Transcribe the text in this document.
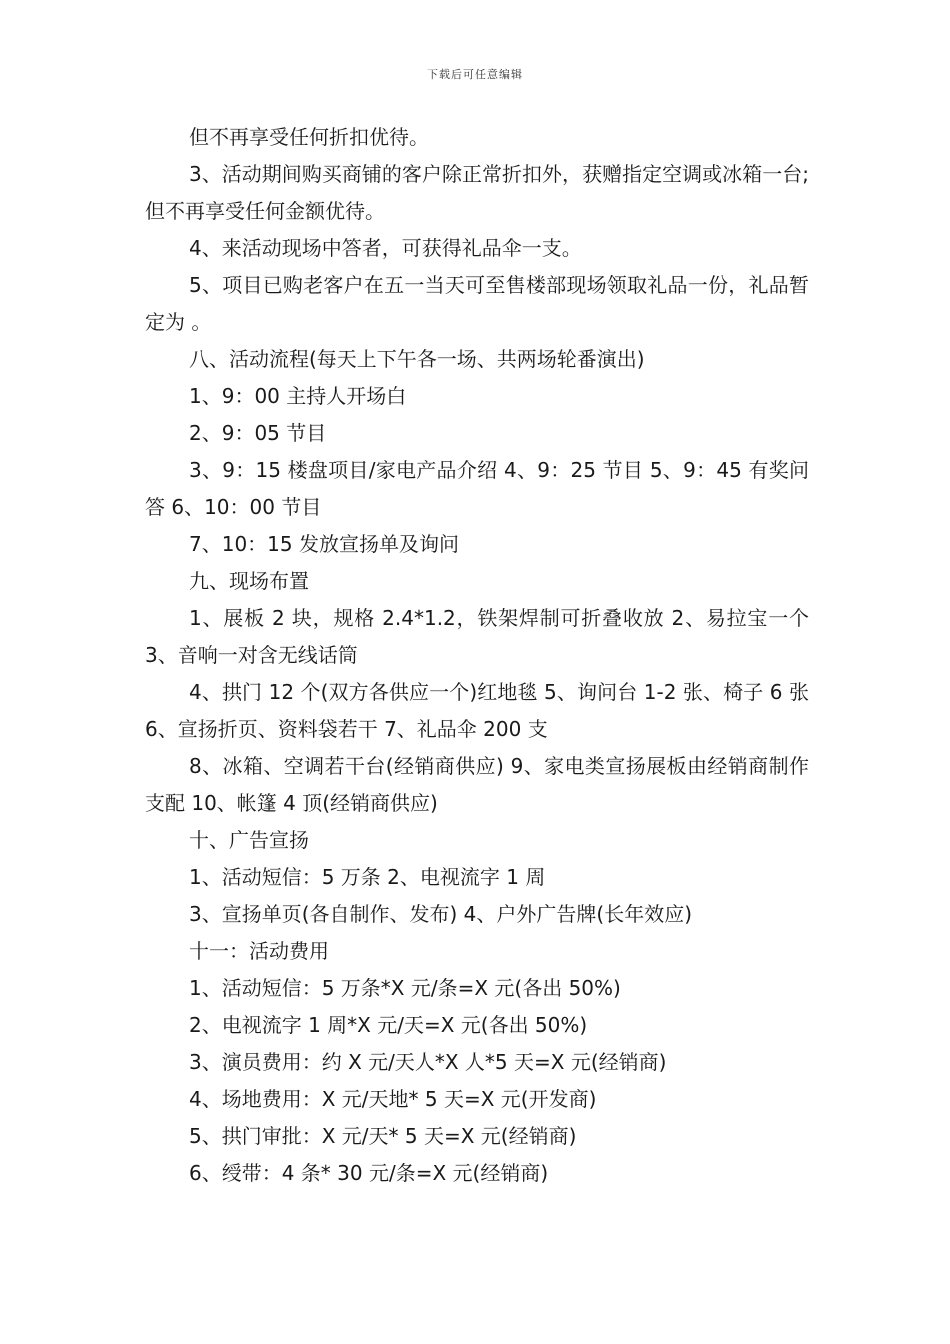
下载后可任意编辑

但不再享受任何折扣优待。

3、活动期间购买商铺的客户除正常折扣外，获赠指定空调或冰箱一台;但不再享受任何金额优待。

4、来活动现场中答者，可获得礼品伞一支。

5、项目已购老客户在五一当天可至售楼部现场领取礼品一份，礼品暂定为 。

八、活动流程(每天上下午各一场、共两场轮番演出)

1、9：00 主持人开场白

2、9：05 节目

3、9：15 楼盘项目/家电产品介绍 4、9：25 节目 5、9：45 有奖问答 6、10：00 节目

7、10：15 发放宣扬单及询问

九、现场布置

1、展板 2 块，规格 2.4*1.2，铁架焊制可折叠收放 2、易拉宝一个 3、音响一对含无线话筒

4、拱门 12 个(双方各供应一个)红地毯 5、询问台 1-2 张、椅子 6 张 6、宣扬折页、资料袋若干 7、礼品伞 200 支

8、冰箱、空调若干台(经销商供应) 9、家电类宣扬展板由经销商制作支配 10、帐篷 4 顶(经销商供应)

十、广告宣扬

1、活动短信：5 万条 2、电视流字 1 周

3、宣扬单页(各自制作、发布) 4、户外广告牌(长年效应)

十一：活动费用

1、活动短信：5 万条*X 元/条=X 元(各出 50%)

2、电视流字 1 周*X 元/天=X 元(各出 50%)

3、演员费用：约 X 元/天人*X 人*5 天=X 元(经销商)

4、场地费用：X 元/天地* 5 天=X 元(开发商)

5、拱门审批：X 元/天* 5 天=X 元(经销商)

6、绶带：4 条* 30 元/条=X 元(经销商)
